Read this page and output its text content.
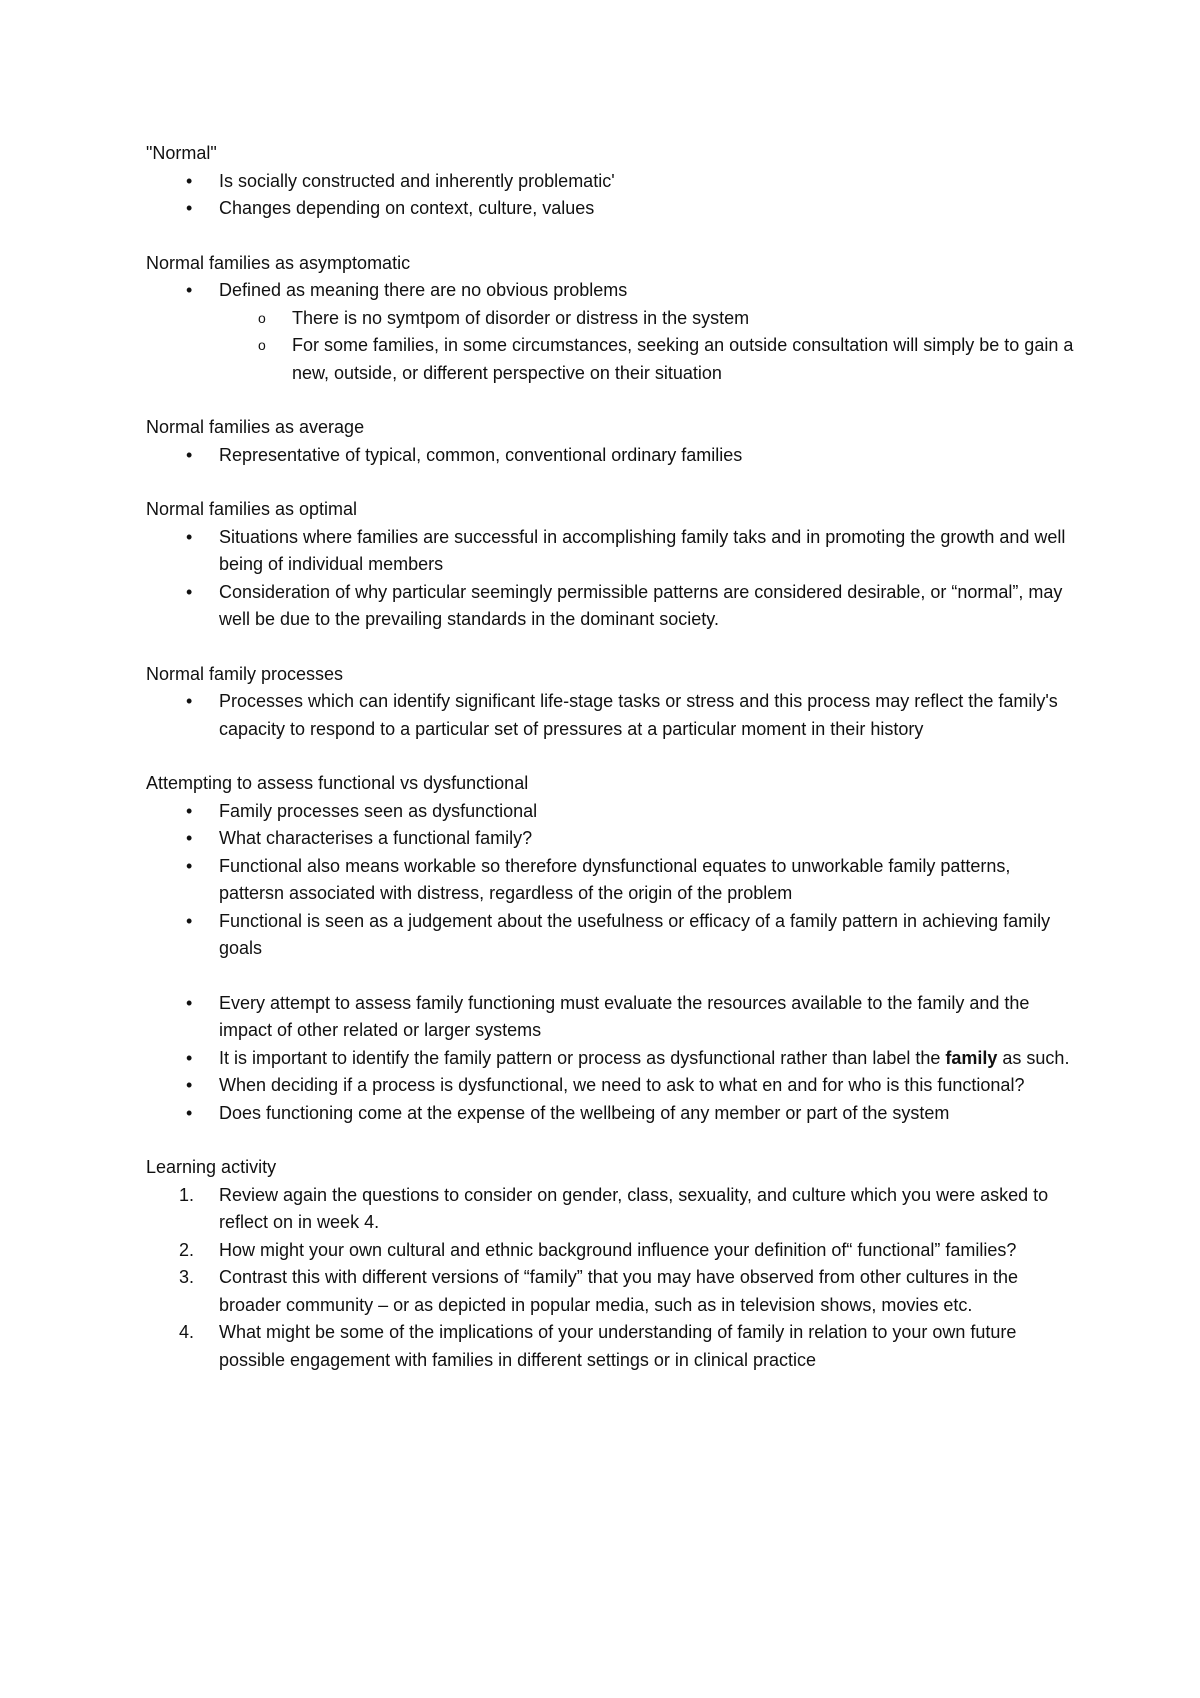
"Normal"

• Is socially constructed and inherently problematic'
• Changes depending on context, culture, values

Normal families as asymptomatic

• Defined as meaning there are no obvious problems
o There is no symtpom of disorder or distress in the system
o For some families, in some circumstances, seeking an outside consultation will simply be to gain a new, outside, or different perspective on their situation

Normal families as average

• Representative of typical, common, conventional ordinary families

Normal families as optimal

• Situations where families are successful in accomplishing family taks and in promoting the growth and well being of individual members
• Consideration of why particular seemingly permissible patterns are considered desirable, or “normal”, may well be due to the prevailing standards in the dominant society.

Normal family processes

• Processes which can identify significant life-stage tasks or stress and this process may reflect the family's capacity to respond to a particular set of pressures at a particular moment in their history

Attempting to assess functional vs dysfunctional

• Family processes seen as dysfunctional
• What characterises a functional family?
• Functional also means workable so therefore dynsfunctional equates to unworkable family patterns, pattersn associated with distress, regardless of the origin of the problem
• Functional is seen as a judgement about the usefulness or efficacy of a family pattern in achieving family goals
• Every attempt to assess family functioning must evaluate the resources available to the family and the impact of other related or larger systems
• It is important to identify the family pattern or process as dysfunctional rather than label the family as such.
• When deciding if a process is dysfunctional, we need to ask to what en and for who is this functional?
• Does functioning come at the expense of the wellbeing of any member or part of the system

Learning activity

1. Review again the questions to consider on gender, class, sexuality, and culture which you were asked to reflect on in week 4.
2. How might your own cultural and ethnic background influence your definition of“ functional” families?
3. Contrast this with different versions of “family” that you may have observed from other cultures in the broader community – or as depicted in popular media, such as in television shows, movies etc.
4. What might be some of the implications of your understanding of family in relation to your own future possible engagement with families in different settings or in clinical practice
